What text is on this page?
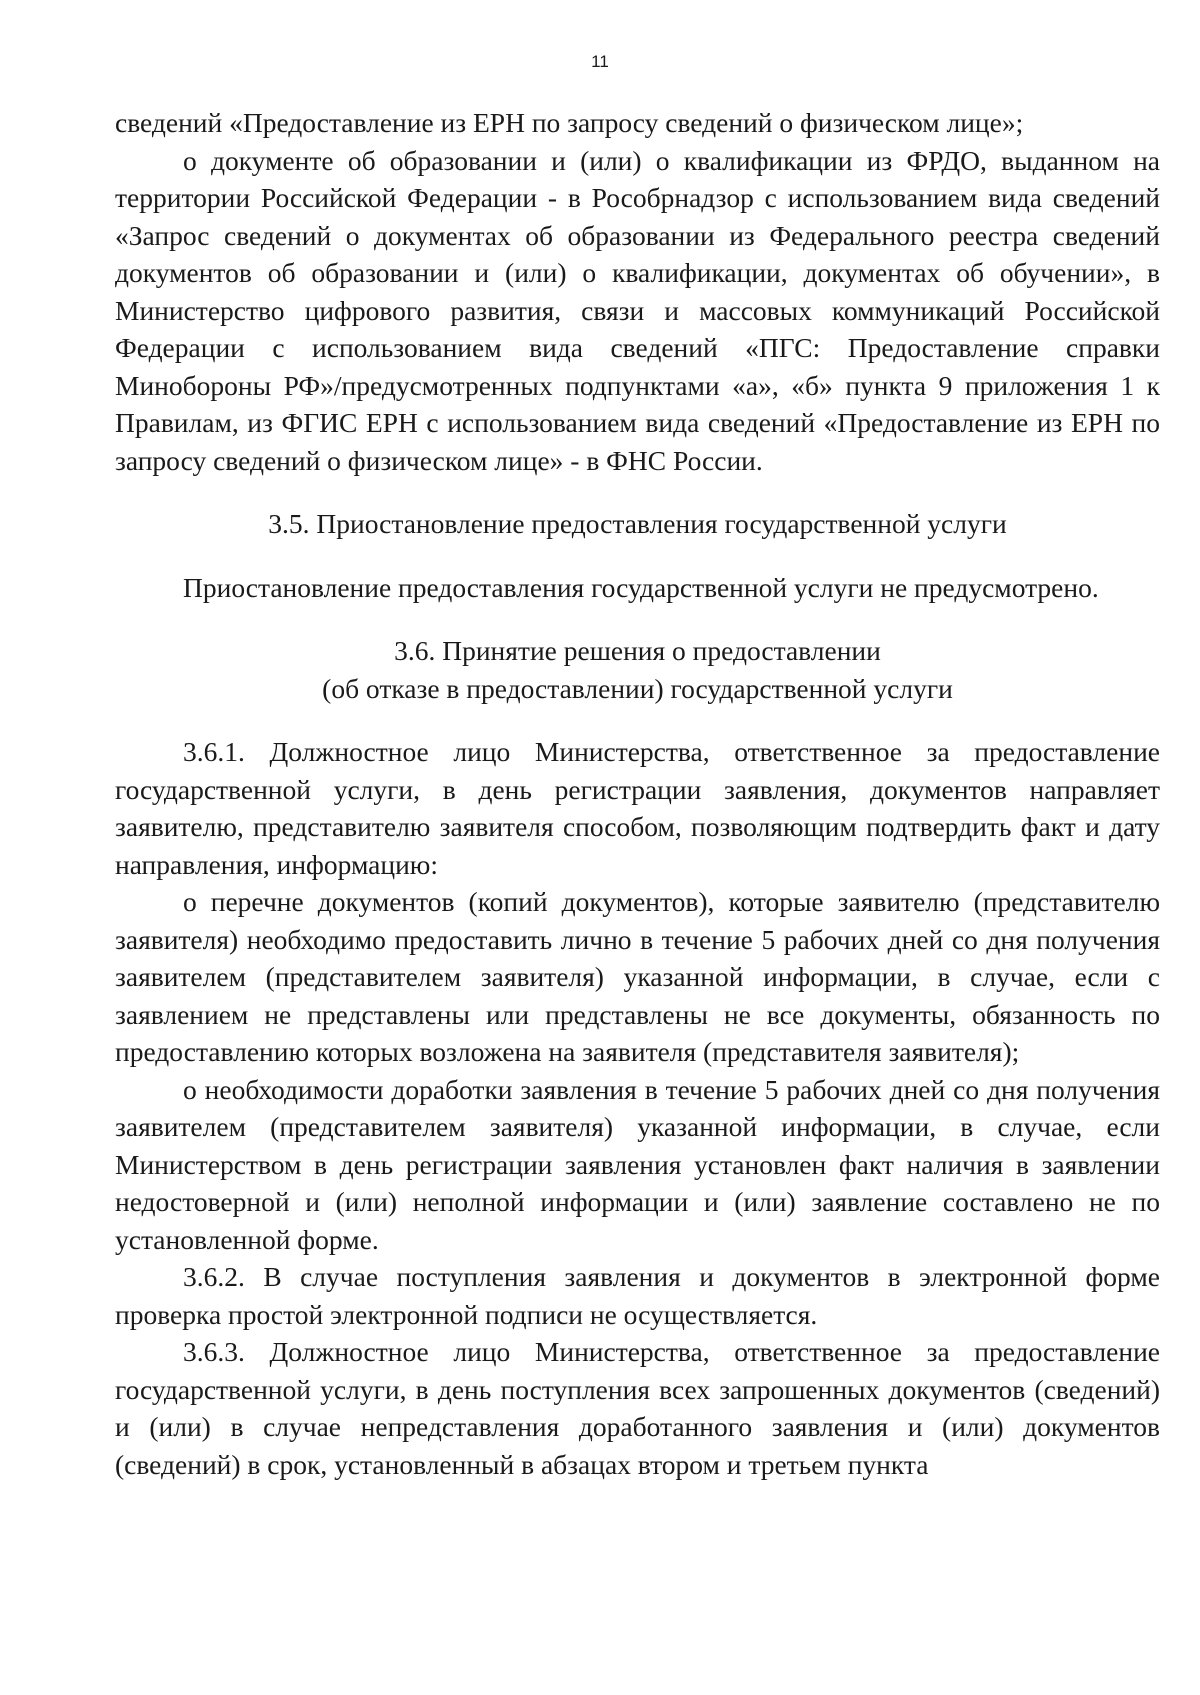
11

сведений «Предоставление из ЕРН по запросу сведений о физическом лице»;

о документе об образовании и (или) о квалификации из ФРДО, выданном на территории Российской Федерации - в Рособрнадзор с использованием вида сведений «Запрос сведений о документах об образовании из Федерального реестра сведений документов об образовании и (или) о квалификации, документах об обучении», в Министерство цифрового развития, связи и массовых коммуникаций Российской Федерации с использованием вида сведений «ПГС: Предоставление справки Минобороны РФ»/предусмотренных подпунктами «а», «б» пункта 9 приложения 1 к Правилам, из ФГИС ЕРН с использованием вида сведений «Предоставление из ЕРН по запросу сведений о физическом лице» - в ФНС России.

3.5. Приостановление предоставления государственной услуги

Приостановление предоставления государственной услуги не предусмотрено.

3.6. Принятие решения о предоставлении

(об отказе в предоставлении) государственной услуги

3.6.1. Должностное лицо Министерства, ответственное за предоставление государственной услуги, в день регистрации заявления, документов направляет заявителю, представителю заявителя способом, позволяющим подтвердить факт и дату направления, информацию:

о перечне документов (копий документов), которые заявителю (представителю заявителя) необходимо предоставить лично в течение 5 рабочих дней со дня получения заявителем (представителем заявителя) указанной информации, в случае, если с заявлением не представлены или представлены не все документы, обязанность по предоставлению которых возложена на заявителя (представителя заявителя);

о необходимости доработки заявления в течение 5 рабочих дней со дня получения заявителем (представителем заявителя) указанной информации, в случае, если Министерством в день регистрации заявления установлен факт наличия в заявлении недостоверной и (или) неполной информации и (или) заявление составлено не по установленной форме.

3.6.2. В случае поступления заявления и документов в электронной форме проверка простой электронной подписи не осуществляется.

3.6.3. Должностное лицо Министерства, ответственное за предоставление государственной услуги, в день поступления всех запрошенных документов (сведений) и (или) в случае непредставления доработанного заявления и (или) документов (сведений) в срок, установленный в абзацах втором и третьем пункта
